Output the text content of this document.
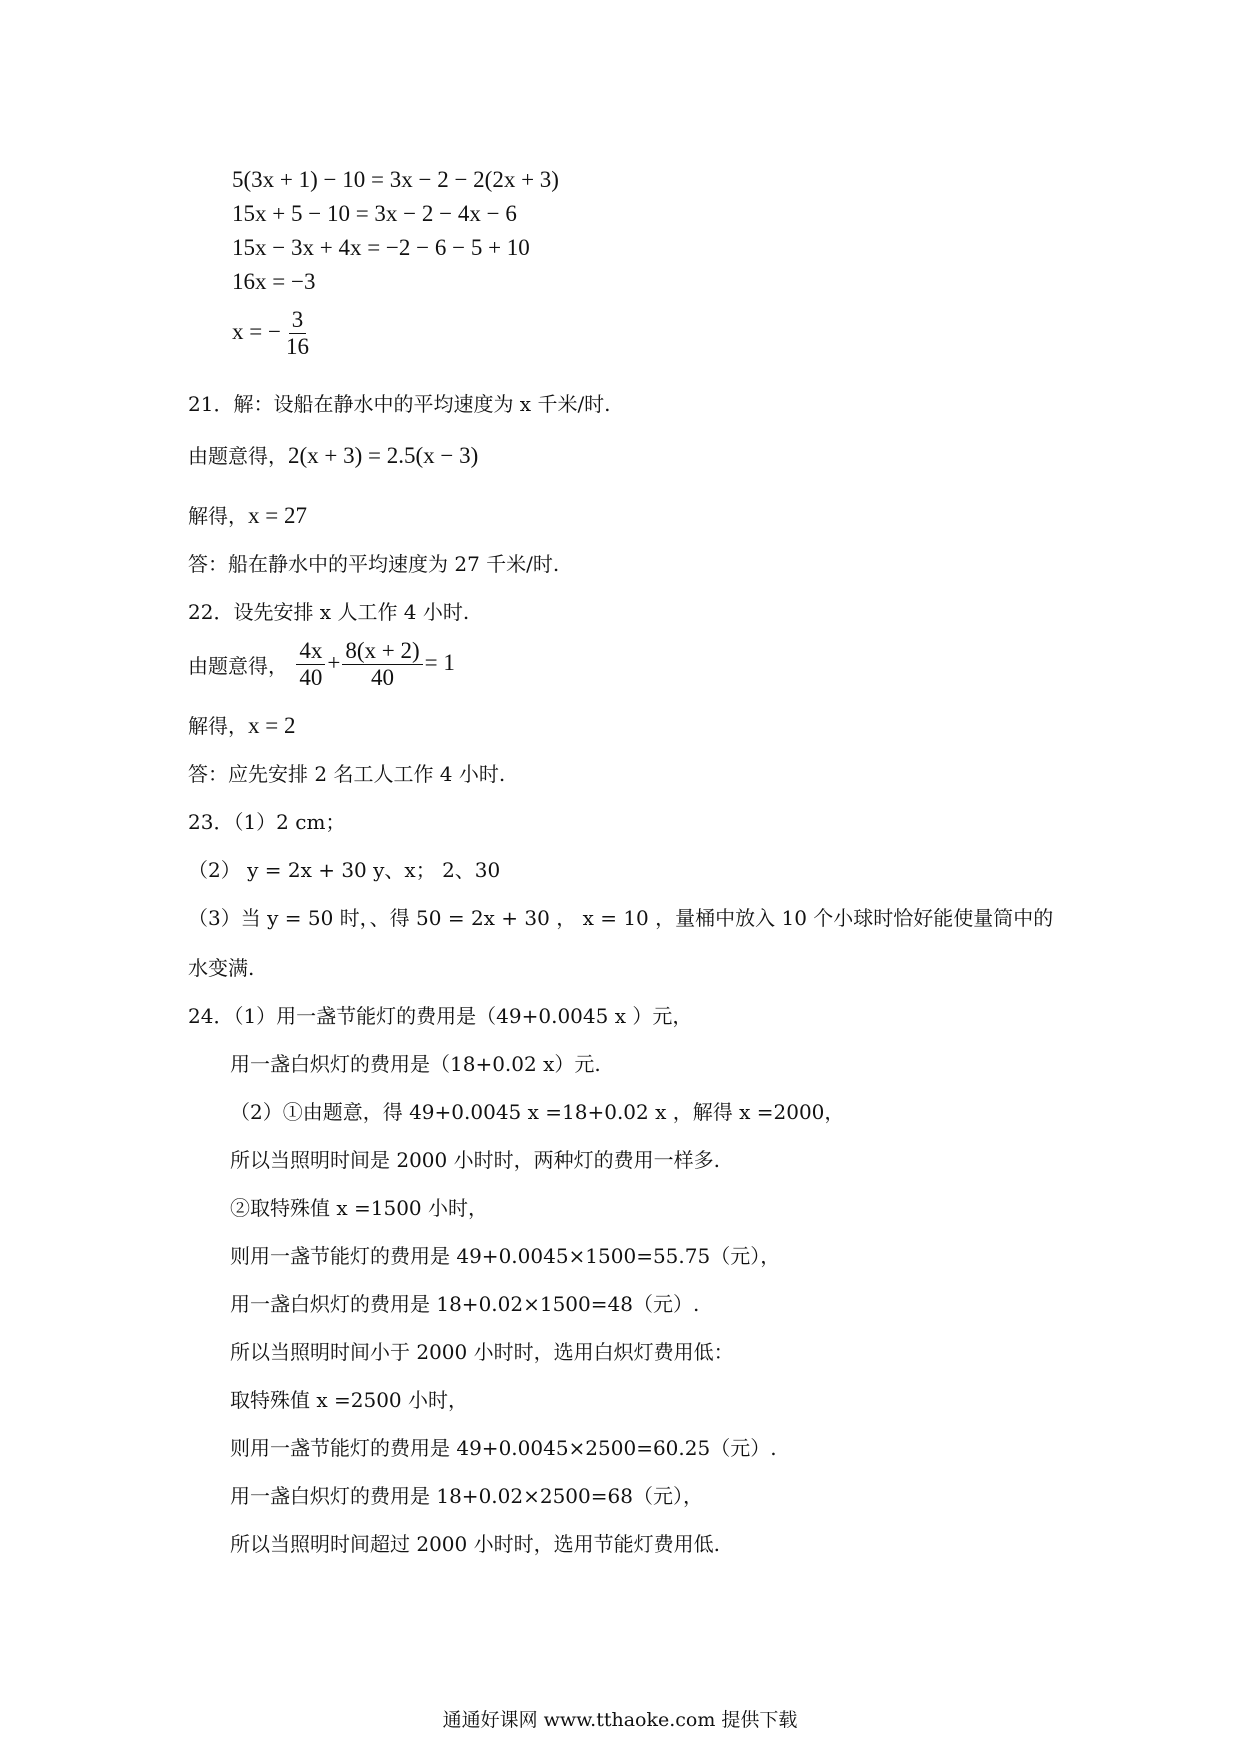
5(3x + 1) − 10 = 3x − 2 − 2(2x + 3)
15x + 5 − 10 = 3x − 2 − 4x − 6
15x − 3x + 4x = −2 − 6 − 5 + 10
16x = −3
x = − $\frac{3}{16}$
21．解：设船在静水中的平均速度为 x 千米/时.
由题意得，2(x + 3) = 2.5(x − 3)
解得，x = 27
答：船在静水中的平均速度为 27 千米/时.
22．设先安排 x 人工作 4 小时.
由题意得， $\frac{4x}{40} + \frac{8(x + 2)}{40} = 1$
解得，x = 2
答：应先安排 2 名工人工作 4 小时.
23．（1）2 cm；
（2） y = 2x + 30 y、x； 2、30
（3）当 y = 50 时，、得 50 = 2x + 30 ， x = 10 ，量桶中放入 10 个小球时恰好能使量筒中的
水变满.
24．（1）用一盏节能灯的费用是（49+0.0045 x ）元，
用一盏白炽灯的费用是（18+0.02 x）元.
（2）①由题意，得 49+0.0045 x =18+0.02 x ，解得 x =2000，
所以当照明时间是 2000 小时时，两种灯的费用一样多.
②取特殊值 x =1500 小时，
则用一盏节能灯的费用是 49+0.0045×1500=55.75（元），
用一盏白炽灯的费用是 18+0.02×1500=48（元）.
所以当照明时间小于 2000 小时时，选用白炽灯费用低：
取特殊值 x =2500 小时，
则用一盏节能灯的费用是 49+0.0045×2500=60.25（元）.
用一盏白炽灯的费用是 18+0.02×2500=68（元），
所以当照明时间超过 2000 小时时，选用节能灯费用低.
通通好课网 www.tthaoke.com 提供下载
